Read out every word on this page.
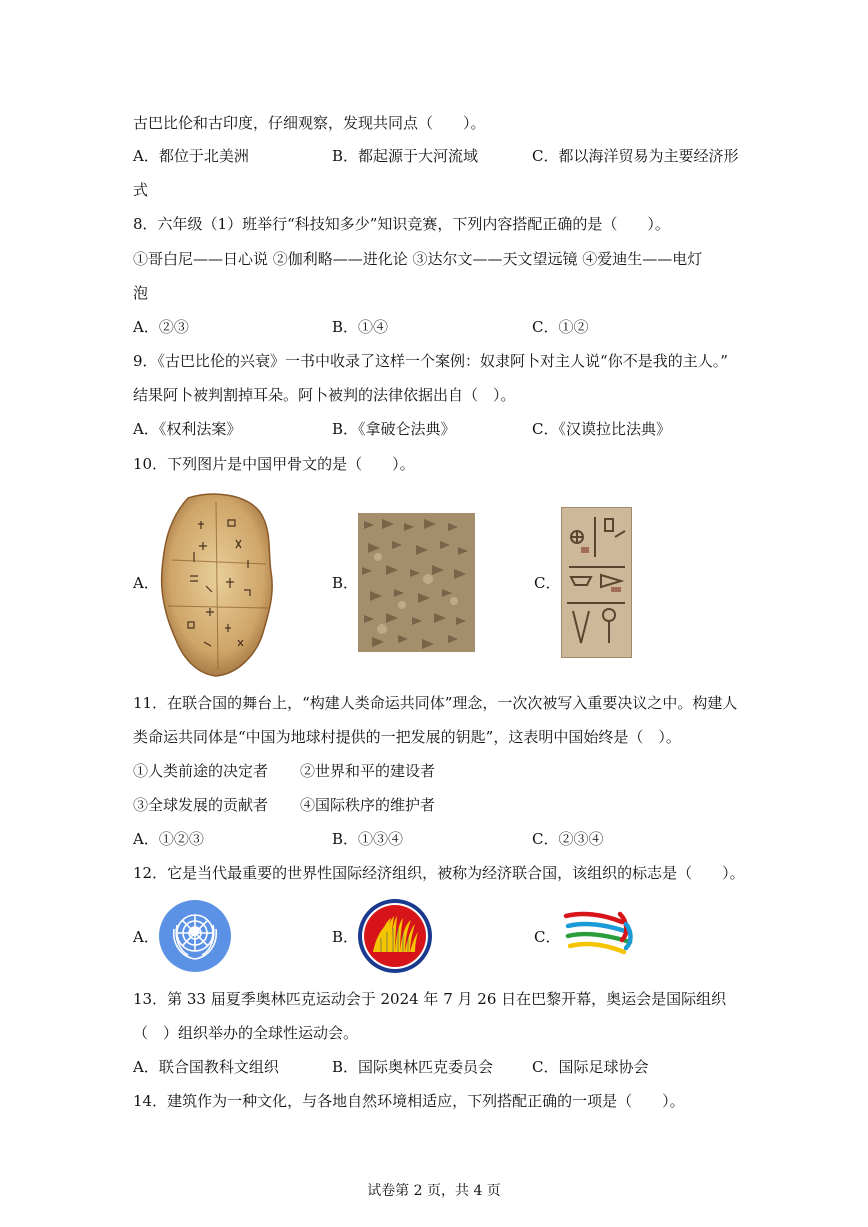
古巴比伦和古印度，仔细观察，发现共同点（　　）。
A．都位于北美洲	B．都起源于大河流域	C．都以海洋贸易为主要经济形
式
8．六年级（1）班举行“科技知多少”知识竞赛，下列内容搭配正确的是（　　）。
①哥白尼——日心说 ②伽利略——进化论 ③达尔文——天文望远镜 ④爱迪生——电灯
泡
A．②③	B．①④	C．①②
9．《古巴比伦的兴衰》一书中收录了这样一个案例：奴隶阿卜对主人说“你不是我的主人。”
结果阿卜被判割掉耳朵。阿卜被判的法律依据出自（　）。
A．《权利法案》	B．《拿破仑法典》	C．《汉谟拉比法典》
10．下列图片是中国甲骨文的是（　　）。
A．	B．	C．
11．在联合国的舞台上，“构建人类命运共同体”理念，一次次被写入重要决议之中。构建人
类命运共同体是“中国为地球村提供的一把发展的钥匙”，这表明中国始终是（　）。
①人类前途的决定者 ②世界和平的建设者
③全球发展的贡献者 ④国际秩序的维护者
A．①②③	B．①③④	C．②③④
12．它是当代最重要的世界性国际经济组织，被称为经济联合国，该组织的标志是（　　）。
A．	B．	C．
13．第 33 届夏季奥林匹克运动会于 2024 年 7 月 26 日在巴黎开幕，奥运会是国际组织
（　）组织举办的全球性运动会。
A．联合国教科文组织	B．国际奥林匹克委员会	C．国际足球协会
14．建筑作为一种文化，与各地自然环境相适应，下列搭配正确的一项是（　　）。
试卷第 2 页，共 4 页
